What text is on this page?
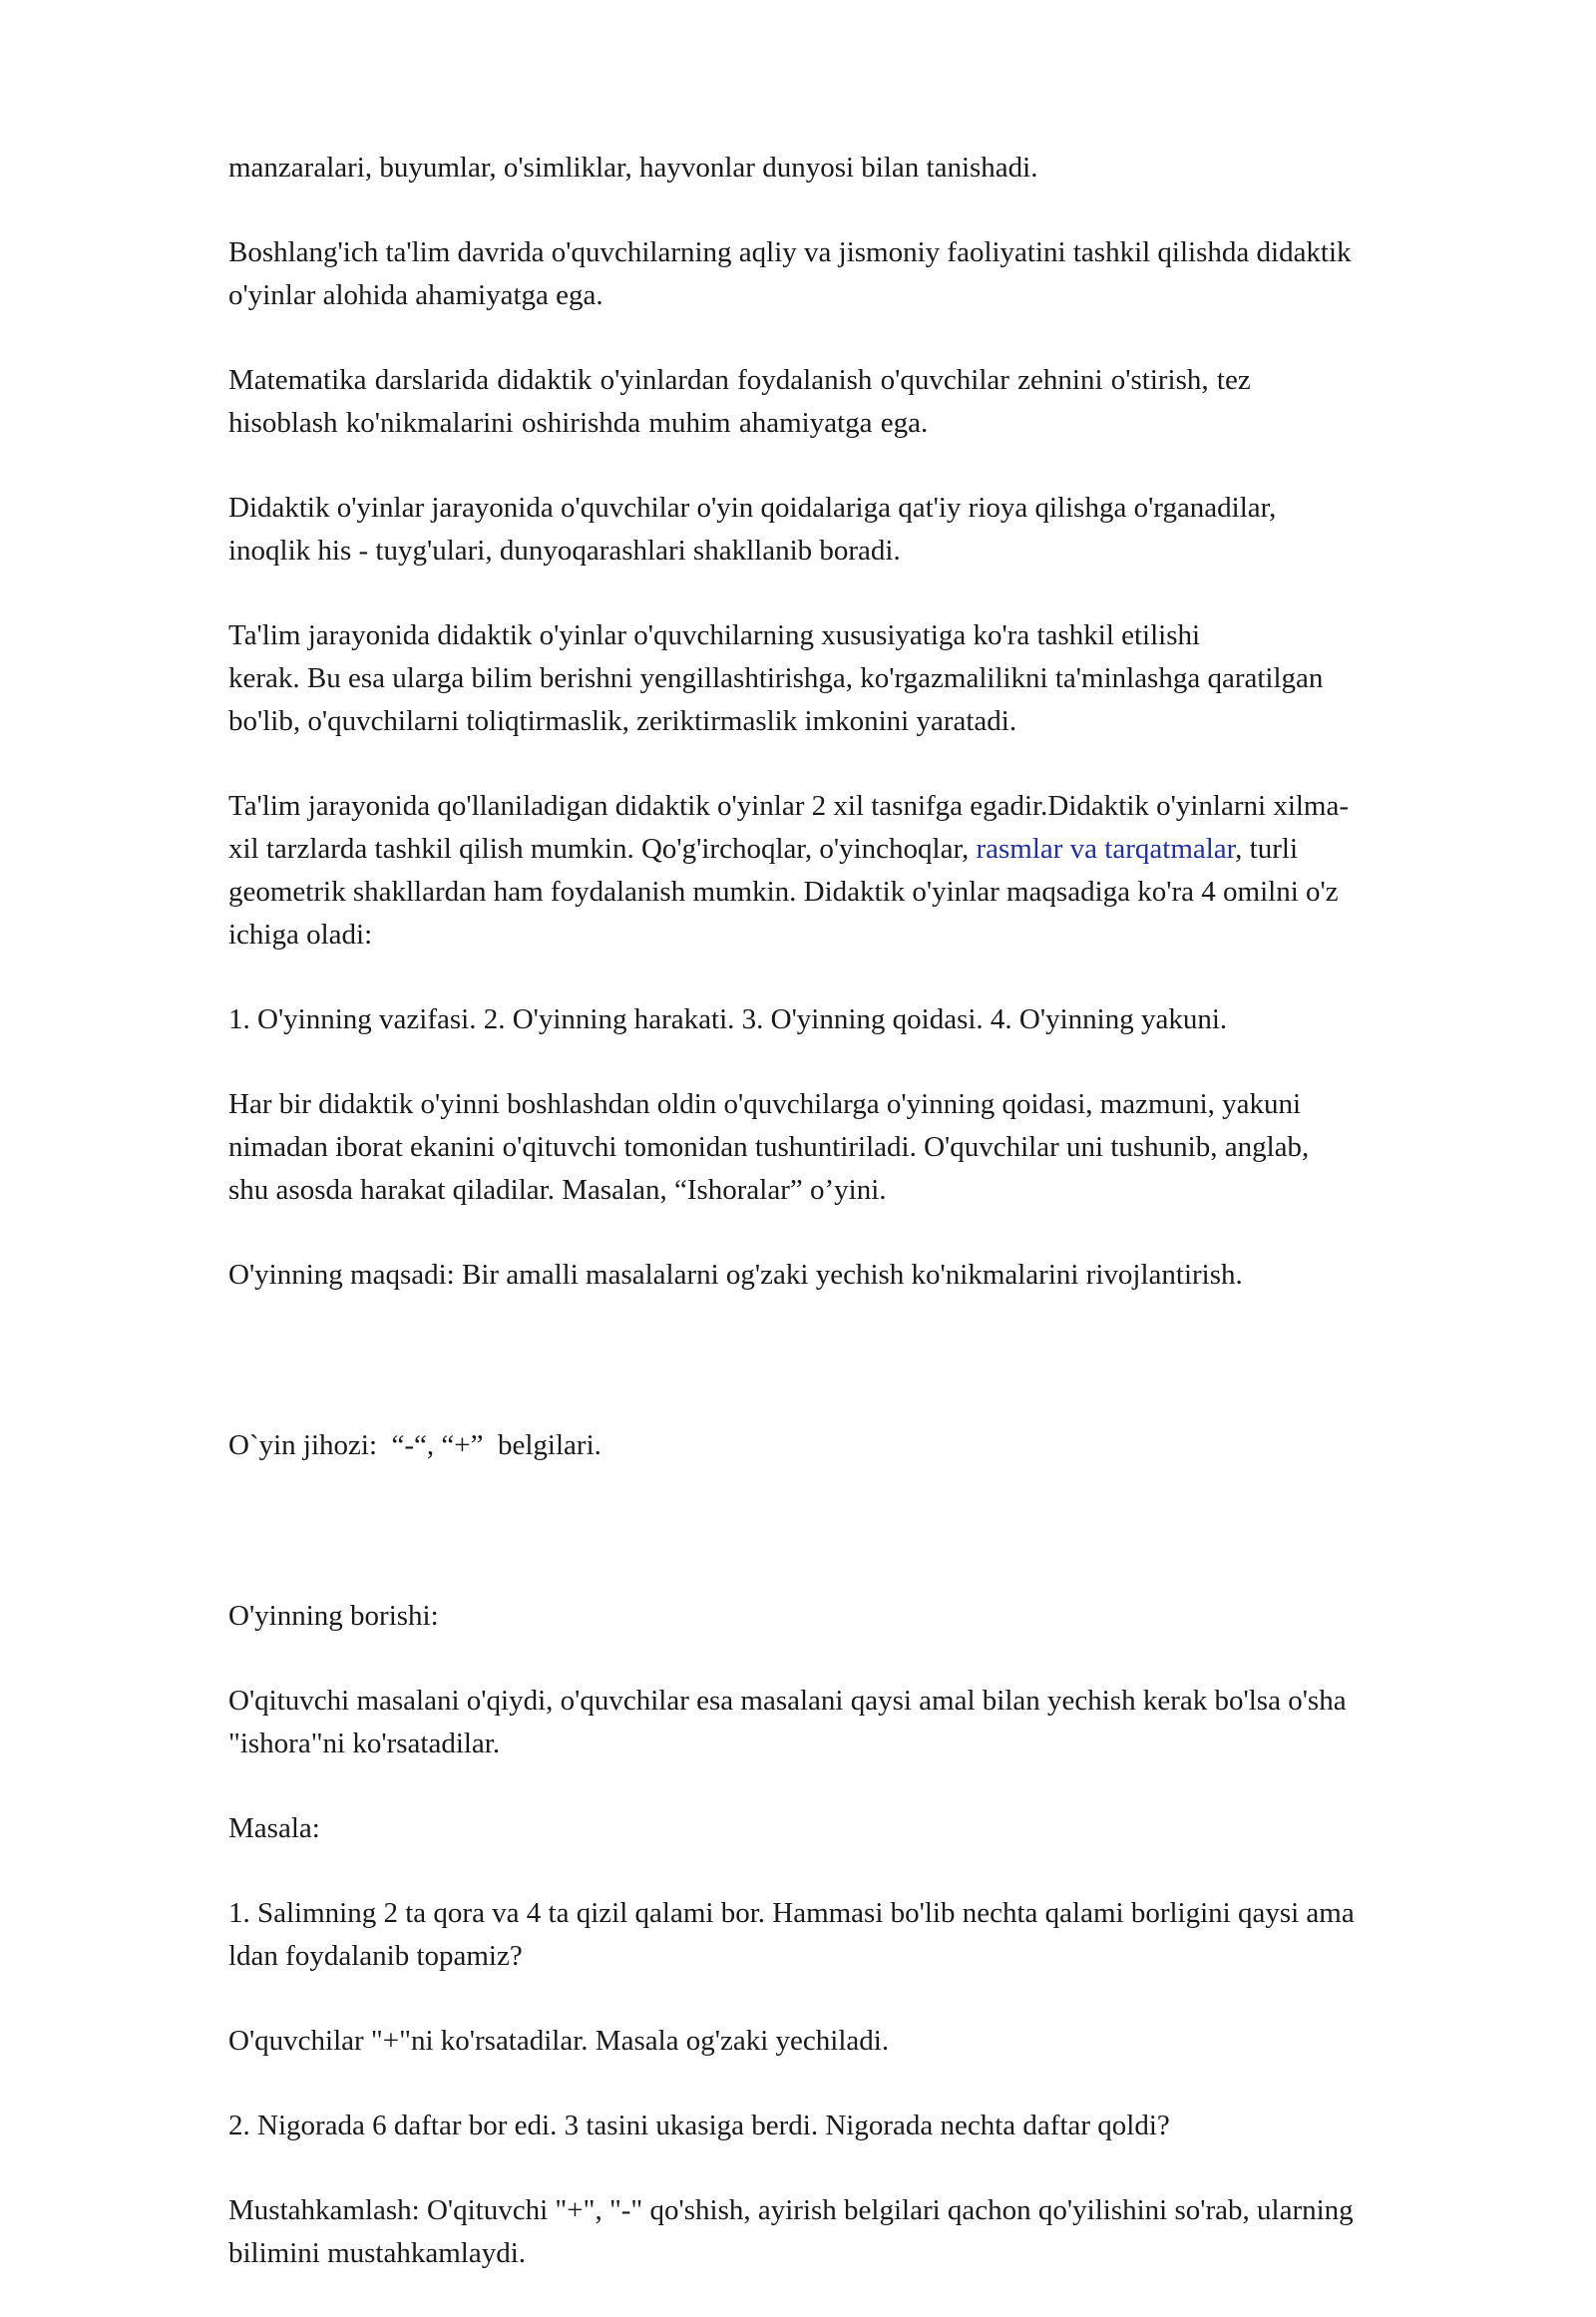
manzaralari, buyumlar, o'simliklar, hayvonlar dunyosi bilan tanishadi.

Boshlang'ich ta'lim davrida o'quvchilarning aqliy va jismoniy faoliyatini tashkil qilishda didaktik
o'yinlar alohida ahamiyatga ega.

Matematika darslarida didaktik o'yinlardan foydalanish o'quvchilar zehnini o'stirish, tez
hisoblash ko'nikmalarini oshirishda muhim ahamiyatga ega.

Didaktik o'yinlar jarayonida o'quvchilar o'yin qoidalariga qat'iy rioya qilishga o'rganadilar,
inoqlik his - tuyg'ulari, dunyoqarashlari shakllanib boradi.

Ta'lim jarayonida didaktik o'yinlar o'quvchilarning xususiyatiga ko'ra tashkil etilishi
kerak. Bu esa ularga bilim berishni yengillashtirishga, ko'rgazmalilikni ta'minlashga qaratilgan
bo'lib, o'quvchilarni toliqtirmaslik, zeriktirmaslik imkonini yaratadi.

Ta'lim jarayonida qo'llaniladigan didaktik o'yinlar 2 xil tasnifga egadir.Didaktik o'yinlarni xilma-
xil tarzlarda tashkil qilish mumkin. Qo'g'irchoqlar, o'yinchoqlar, rasmlar va tarqatmalar, turli
geometrik shakllardan ham foydalanish mumkin. Didaktik o'yinlar maqsadiga ko'ra 4 omilni o'z
ichiga oladi:

1. O'yinning vazifasi. 2. O'yinning harakati. 3. O'yinning qoidasi. 4. O'yinning yakuni.

Har bir didaktik o'yinni boshlashdan oldin o'quvchilarga o'yinning qoidasi, mazmuni, yakuni
nimadan iborat ekanini o'qituvchi tomonidan tushuntiriladi. O'quvchilar uni tushunib, anglab,
shu asosda harakat qiladilar. Masalan, “Ishoralar” o’yini.

O'yinning maqsadi: Bir amalli masalalarni og'zaki yechish ko'nikmalarini rivojlantirish.

O`yin jihozi:  “-“, “+”  belgilari.

O'yinning borishi:

O'qituvchi masalani o'qiydi, o'quvchilar esa masalani qaysi amal bilan yechish kerak bo'lsa o'sha
"ishora"ni ko'rsatadilar.

Masala:

1. Salimning 2 ta qora va 4 ta qizil qalami bor. Hammasi bo'lib nechta qalami borligini qaysi ama
ldan foydalanib topamiz?

O'quvchilar "+"ni ko'rsatadilar. Masala og'zaki yechiladi.

2. Nigorada 6 daftar bor edi. 3 tasini ukasiga berdi. Nigorada nechta daftar qoldi?

Mustahkamlash: O'qituvchi "+", "-" qo'shish, ayirish belgilari qachon qo'yilishini so'rab, ularning
bilimini mustahkamlaydi.
